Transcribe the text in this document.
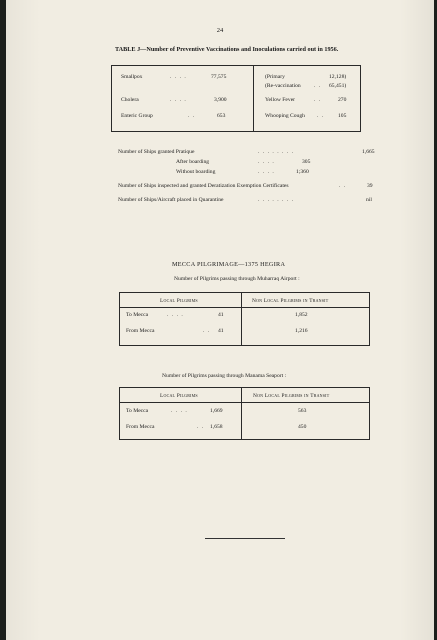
24
TABLE J—Number of Preventive Vaccinations and Inoculations carried out in 1956.
Smallpox	. . . .	77,575	(Primary	12,128)
(Re-vaccination . . 65,451)
Cholera	. . . .	3,900	Yellow Fever	. .	270
Enteric Group	. .	653	Whooping Cough . . 105
Number of Ships granted Pratique	. . . . . . . .	1,665
After boarding	. . . .	305
Without boarding	. . . .	1;360
Number of Ships inspected and granted Deratization Exemption Certificates	. .	39
Number of Ships/Aircraft placed in Quarantine	. . . . . . . .	nil
MECCA PILGRIMAGE—1375 HEGIRA
Number of Pilgrims passing through Muharraq Airport :
Local Pilgrims	Non Local Pilgrims in Transit
To Mecca	. . . .	41	1,852
From Mecca	. . 41	1,216
Number of Pilgrims passing through Manama Seaport :
Local Pilgrims	Non Local Pilgrims in Transit
To Mecca	. . . .	1,669	563
From Mecca	. . 1,658	450
